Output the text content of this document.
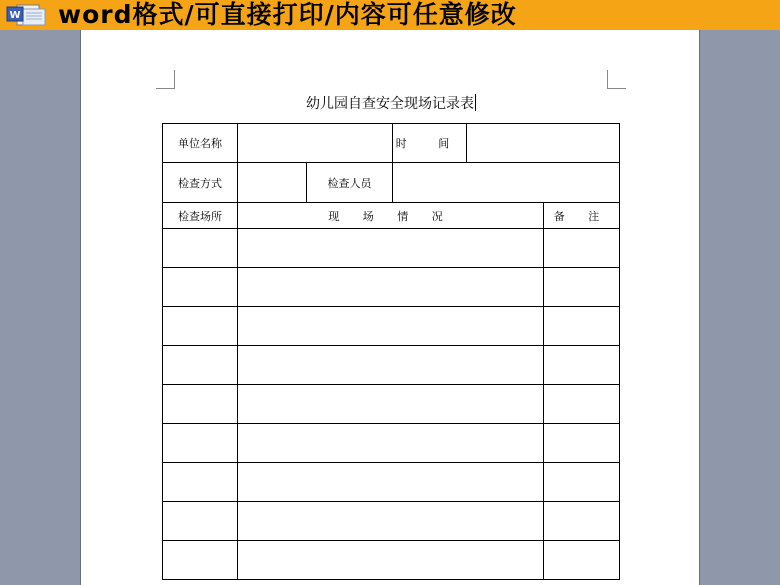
W word格式/可直接打印/内容可任意修改
幼儿园自查安全现场记录表
单位名称			时 间		
检查方式		检查人员			
检查场所	现 场 情 况				备 注
